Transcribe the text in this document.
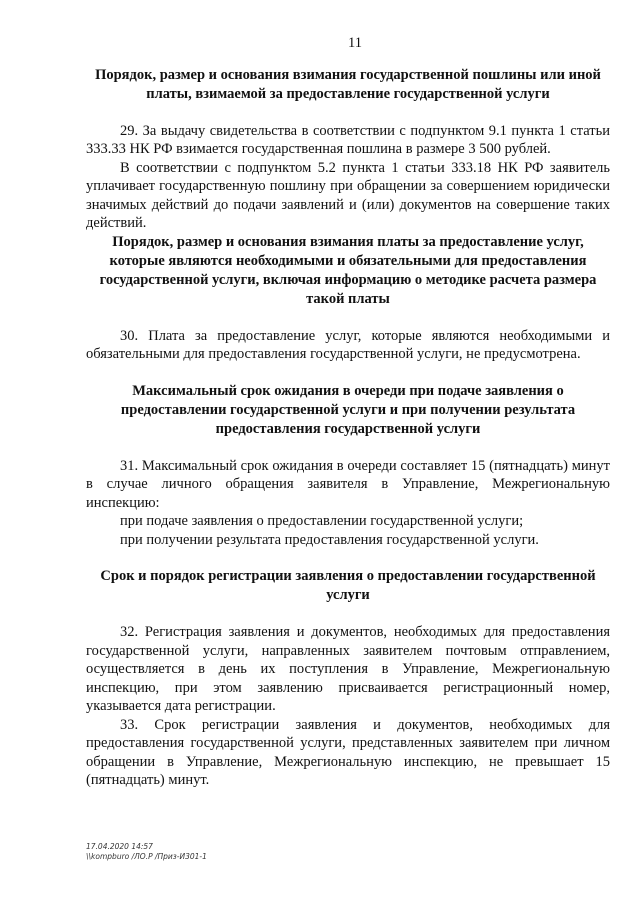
11
Порядок, размер и основания взимания государственной пошлины или иной платы, взимаемой за предоставление государственной услуги

29. За выдачу свидетельства в соответствии с подпунктом 9.1 пункта 1 статьи 333.33 НК РФ взимается государственная пошлина в размере 3 500 рублей.

В соответствии с подпунктом 5.2 пункта 1 статьи 333.18 НК РФ заявитель уплачивает государственную пошлину при обращении за совершением юридически значимых действий до подачи заявлений и (или) документов на совершение таких действий.

Порядок, размер и основания взимания платы за предоставление услуг, которые являются необходимыми и обязательными для предоставления государственной услуги, включая информацию о методике расчета размера такой платы

30. Плата за предоставление услуг, которые являются необходимыми и обязательными для предоставления государственной услуги, не предусмотрена.

Максимальный срок ожидания в очереди при подаче заявления о предоставлении государственной услуги и при получении результата предоставления государственной услуги

31. Максимальный срок ожидания в очереди составляет 15 (пятнадцать) минут в случае личного обращения заявителя в Управление, Межрегиональную инспекцию:

при подаче заявления о предоставлении государственной услуги;

при получении результата предоставления государственной услуги.

Срок и порядок регистрации заявления о предоставлении государственной услуги

32. Регистрация заявления и документов, необходимых для предоставления государственной услуги, направленных заявителем почтовым отправлением, осуществляется в день их поступления в Управление, Межрегиональную инспекцию, при этом заявлению присваивается регистрационный номер, указывается дата регистрации.

33. Срок регистрации заявления и документов, необходимых для предоставления государственной услуги, представленных заявителем при личном обращении в Управление, Межрегиональную инспекцию, не превышает 15 (пятнадцать) минут.

17.04.2020 14:57
\\kompburo /ЛО.Р /Приз-И301-1
